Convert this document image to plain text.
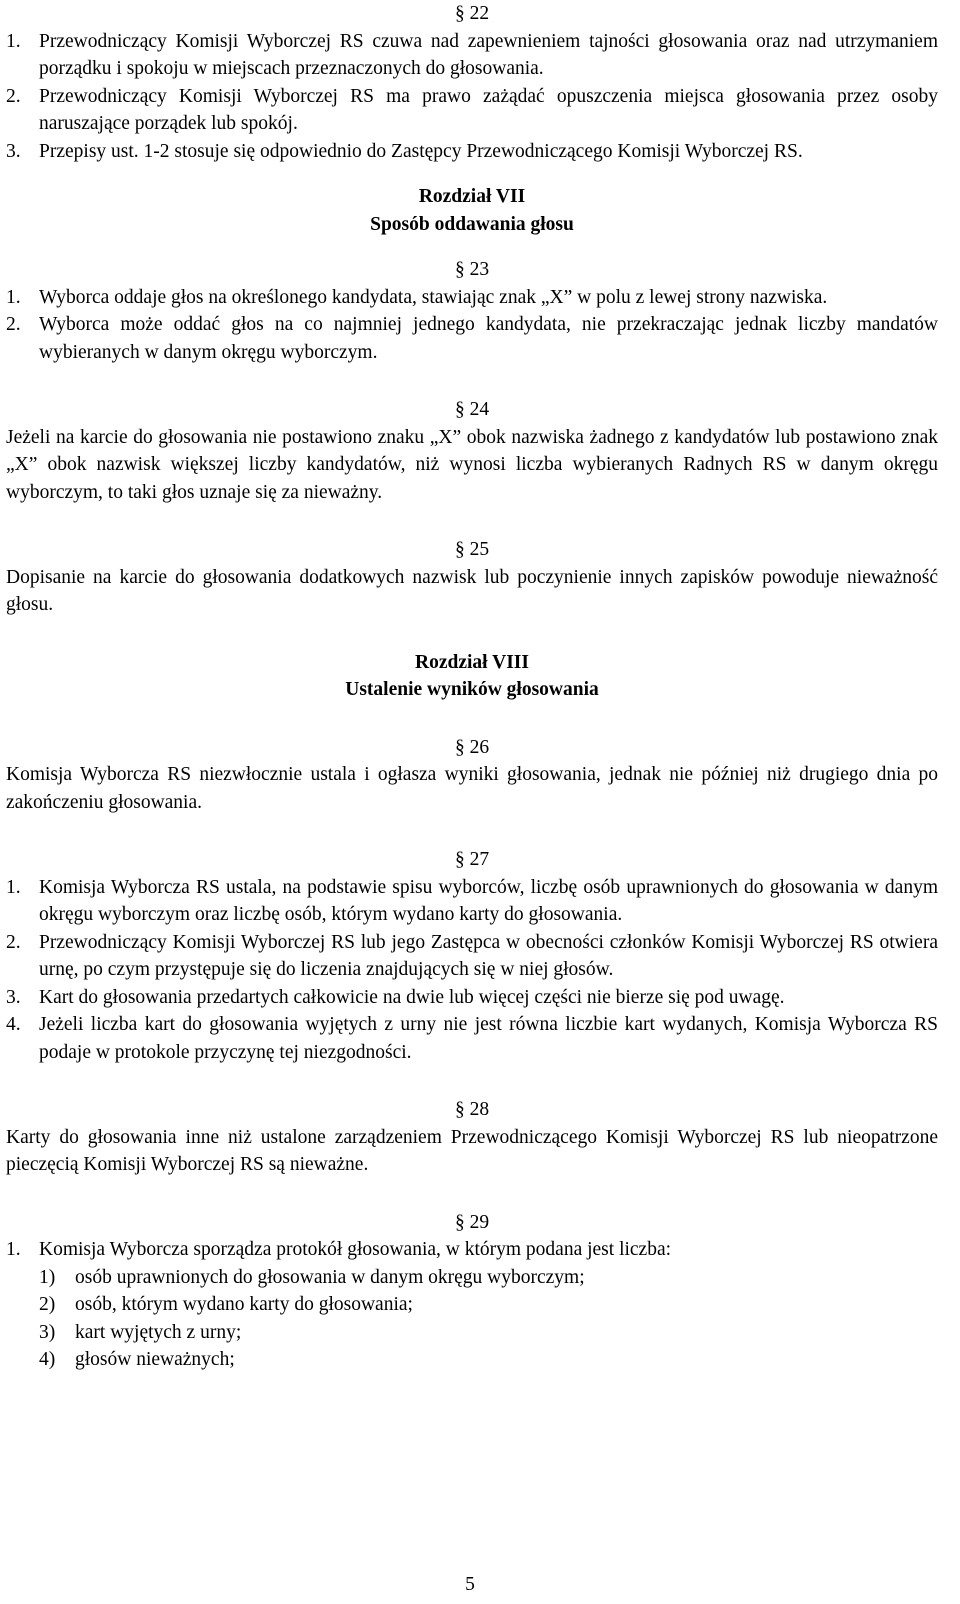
§ 22
1. Przewodniczący Komisji Wyborczej RS czuwa nad zapewnieniem tajności głosowania oraz nad utrzymaniem porządku i spokoju w miejscach przeznaczonych do głosowania.
2. Przewodniczący Komisji Wyborczej RS ma prawo zażądać opuszczenia miejsca głosowania przez osoby naruszające porządek lub spokój.
3. Przepisy ust. 1-2 stosuje się odpowiednio do Zastępcy Przewodniczącego Komisji Wyborczej RS.
Rozdział VII
Sposób oddawania głosu
§ 23
1. Wyborca oddaje głos na określonego kandydata, stawiając znak „X” w polu z lewej strony nazwiska.
2. Wyborca może oddać głos na co najmniej jednego kandydata, nie przekraczając jednak liczby mandatów wybieranych w danym okręgu wyborczym.
§ 24

Jeżeli na karcie do głosowania nie postawiono znaku „X” obok nazwiska żadnego z kandydatów lub postawiono znak „X” obok nazwisk większej liczby kandydatów, niż wynosi liczba wybieranych Radnych RS w danym okręgu wyborczym, to taki głos uznaje się za nieważny.

§ 25

Dopisanie na karcie do głosowania dodatkowych nazwisk lub poczynienie innych zapisków powoduje nieważność głosu.

Rozdział VIII
Ustalenie wyników głosowania
§ 26

Komisja Wyborcza RS niezwłocznie ustala i ogłasza wyniki głosowania, jednak nie później niż drugiego dnia po zakończeniu głosowania.

§ 27
1. Komisja Wyborcza RS ustala, na podstawie spisu wyborców, liczbę osób uprawnionych do głosowania w danym okręgu wyborczym oraz liczbę osób, którym wydano karty do głosowania.
2. Przewodniczący Komisji Wyborczej RS lub jego Zastępca w obecności członków Komisji Wyborczej RS otwiera urnę, po czym przystępuje się do liczenia znajdujących się w niej głosów.
3. Kart do głosowania przedartych całkowicie na dwie lub więcej części nie bierze się pod uwagę.
4. Jeżeli liczba kart do głosowania wyjętych z urny nie jest równa liczbie kart wydanych, Komisja Wyborcza RS podaje w protokole przyczynę tej niezgodności.
§ 28

Karty do głosowania inne niż ustalone zarządzeniem Przewodniczącego Komisji Wyborczej RS lub nieopatrzone pieczęcią Komisji Wyborczej RS są nieważne.

§ 29
1. Komisja Wyborcza sporządza protokół głosowania, w którym podana jest liczba:
1)	osób uprawnionych do głosowania w danym okręgu wyborczym;
2)	osób, którym wydano karty do głosowania;
3)	kart wyjętych z urny;
4)	głosów nieważnych;
5
